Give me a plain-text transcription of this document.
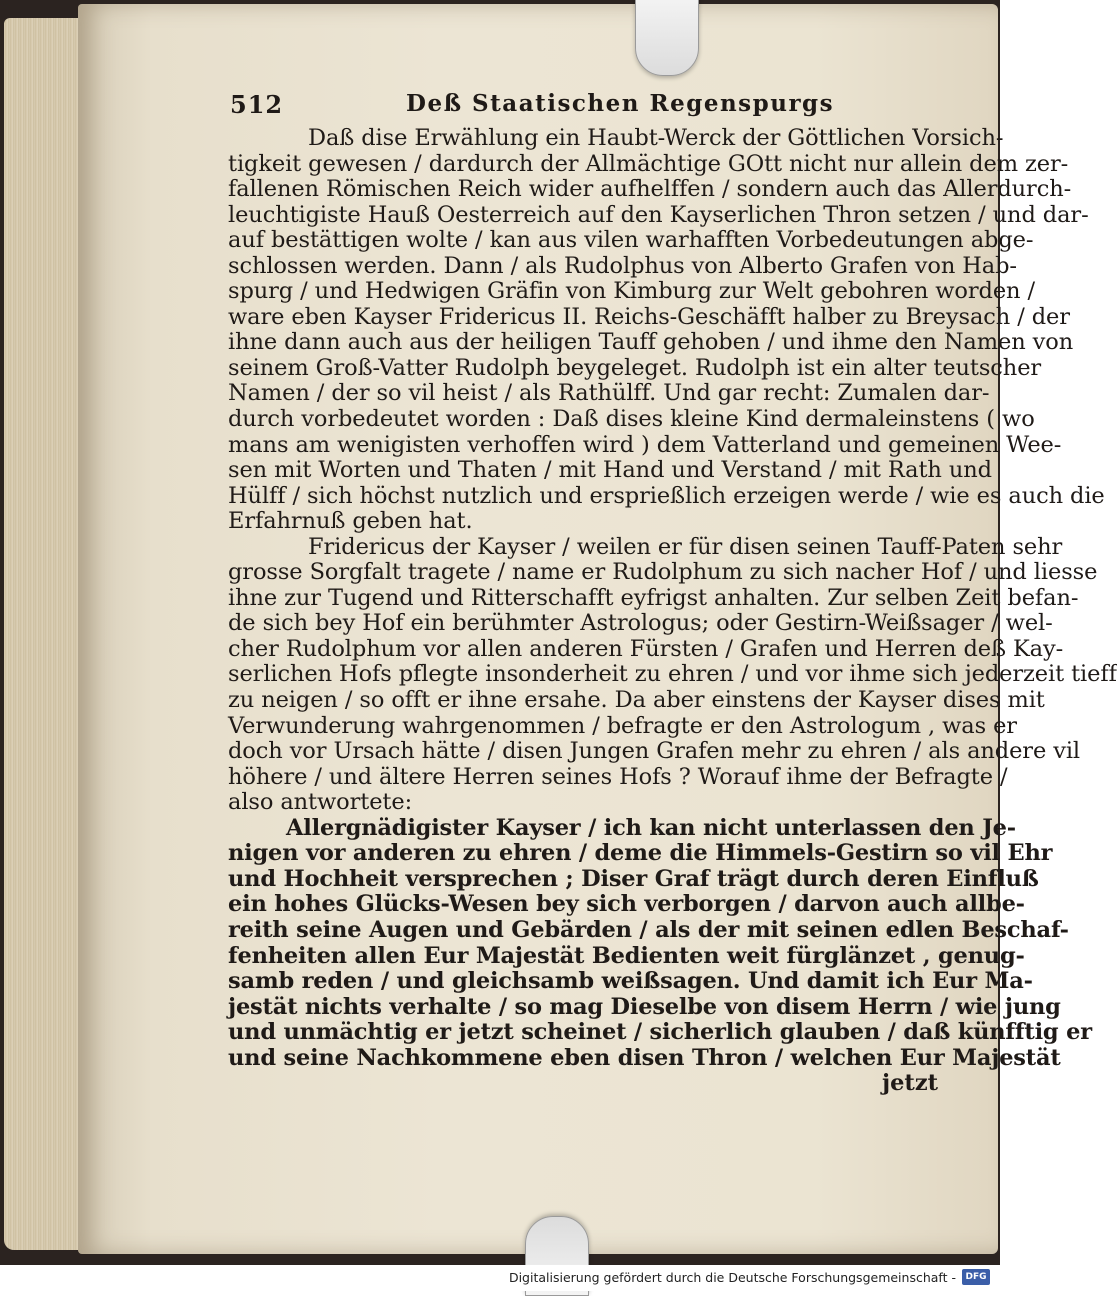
512	Deß Staatischen Regenspurgs
Daß dise Erwählung ein Haubt-Werck der Göttlichen Vorsich-
tigkeit gewesen / dardurch der Allmächtige GOtt nicht nur allein dem zer-
fallenen Römischen Reich wider aufhelffen / sondern auch das Allerdurch-
leuchtigiste Hauß Oesterreich auf den Kayserlichen Thron setzen / und dar-
auf bestättigen wolte / kan aus vilen warhafften Vorbedeutungen abge-
schlossen werden. Dann / als Rudolphus von Alberto Grafen von Hab-
spurg / und Hedwigen Gräfin von Kimburg zur Welt gebohren worden /
ware eben Kayser Fridericus II. Reichs-Geschäfft halber zu Breysach / der
ihne dann auch aus der heiligen Tauff gehoben / und ihme den Namen von
seinem Groß-Vatter Rudolph beygeleget. Rudolph ist ein alter teutscher
Namen / der so vil heist / als Rathülff. Und gar recht: Zumalen dar-
durch vorbedeutet worden : Daß dises kleine Kind dermaleinstens ( wo
mans am wenigisten verhoffen wird ) dem Vatterland und gemeinen Wee-
sen mit Worten und Thaten / mit Hand und Verstand / mit Rath und
Hülff / sich höchst nutzlich und ersprießlich erzeigen werde / wie es auch die
Erfahrnuß geben hat.
Fridericus der Kayser / weilen er für disen seinen Tauff-Paten sehr
grosse Sorgfalt tragete / name er Rudolphum zu sich nacher Hof / und liesse
ihne zur Tugend und Ritterschafft eyfrigst anhalten. Zur selben Zeit befan-
de sich bey Hof ein berühmter Astrologus; oder Gestirn-Weißsager / wel-
cher Rudolphum vor allen anderen Fürsten / Grafen und Herren deß Kay-
serlichen Hofs pflegte insonderheit zu ehren / und vor ihme sich jederzeit tieff
zu neigen / so offt er ihne ersahe. Da aber einstens der Kayser dises mit
Verwunderung wahrgenommen / befragte er den Astrologum , was er
doch vor Ursach hätte / disen Jungen Grafen mehr zu ehren / als andere vil
höhere / und ältere Herren seines Hofs ? Worauf ihme der Befragte /
also antwortete:
Allergnädigister Kayser / ich kan nicht unterlassen den Je-
nigen vor anderen zu ehren / deme die Himmels-Gestirn so vil Ehr
und Hochheit versprechen ; Diser Graf trägt durch deren Einfluß
ein hohes Glücks-Wesen bey sich verborgen / darvon auch allbe-
reith seine Augen und Gebärden / als der mit seinen edlen Beschaf-
fenheiten allen Eur Majestät Bedienten weit fürglänzet , genug-
samb reden / und gleichsamb weißsagen. Und damit ich Eur Ma-
jestät nichts verhalte / so mag Dieselbe von disem Herrn / wie jung
und unmächtig er jetzt scheinet / sicherlich glauben / daß künfftig er
und seine Nachkommene eben disen Thron / welchen Eur Majestät
jetzt
Digitalisierung gefördert durch die Deutsche Forschungsgemeinschaft -	DFG
